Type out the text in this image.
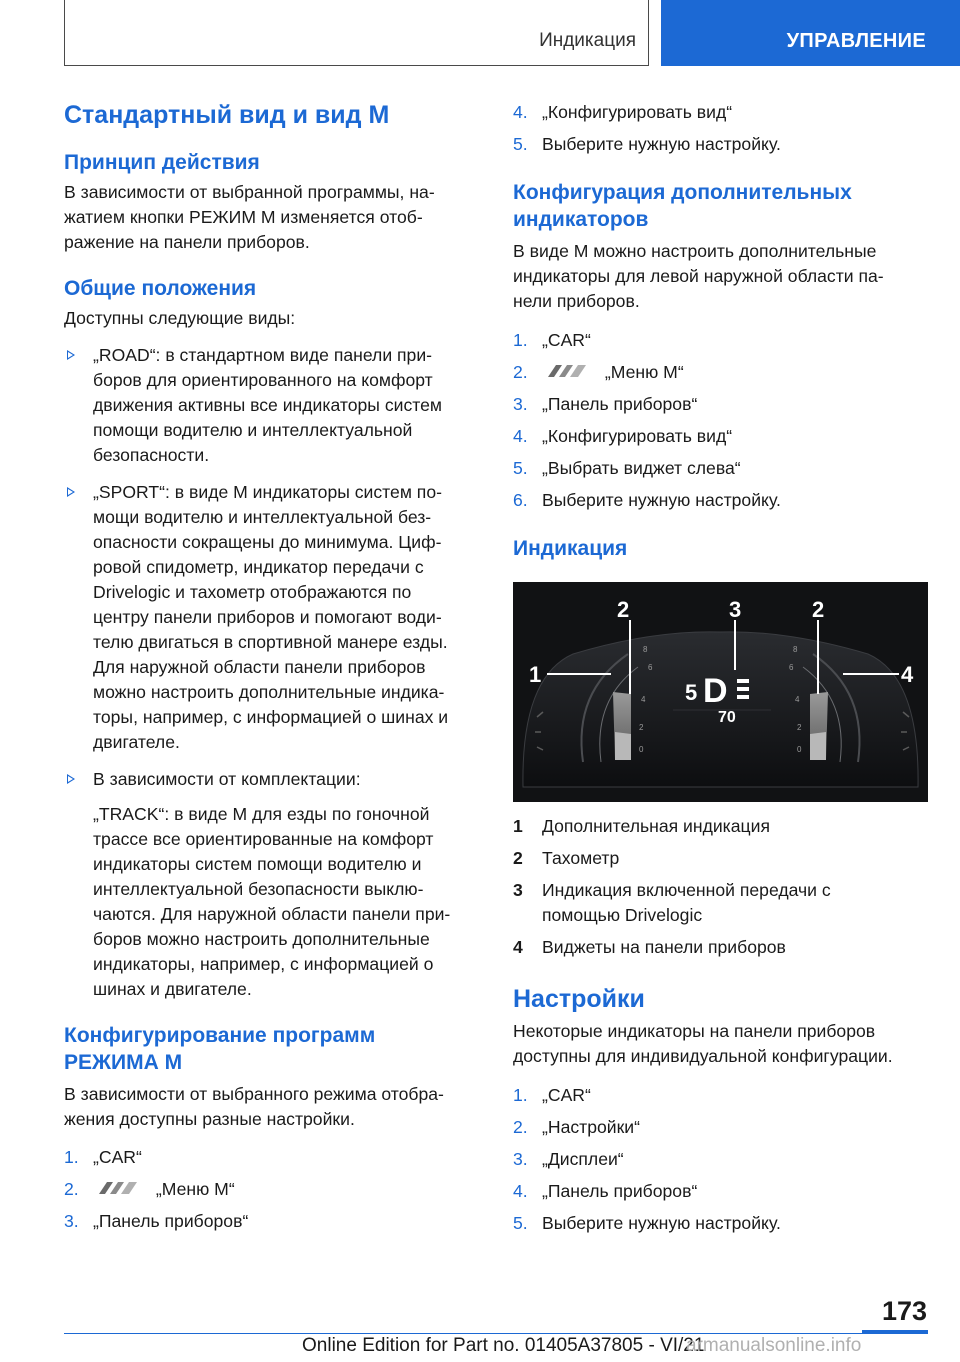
Индикация	УПРАВЛЕНИЕ
Стандартный вид и вид M
Принцип действия
В зависимости от выбранной программы, на-
жатием кнопки РЕЖИМ M изменяется отоб-
ражение на панели приборов.
Общие положения
Доступны следующие виды:
„ROAD“: в стандартном виде панели при-
боров для ориентированного на комфорт
движения активны все индикаторы систем
помощи водителю и интеллектуальной
безопасности.
„SPORT“: в виде M индикаторы систем по-
мощи водителю и интеллектуальной без-
опасности сокращены до минимума. Циф-
ровой спидометр, индикатор передачи с
Drivelogic и тахометр отображаются по
центру панели приборов и помогают води-
телю двигаться в спортивной манере езды.
Для наружной области панели приборов
можно настроить дополнительные индика-
торы, например, с информацией о шинах и
двигателе.
В зависимости от комплектации:
„TRACK“: в виде M для езды по гоночной
трассе все ориентированные на комфорт
индикаторы систем помощи водителю и
интеллектуальной безопасности выклю-
чаются. Для наружной области панели при-
боров можно настроить дополнительные
индикаторы, например, с информацией о
шинах и двигателе.
Конфигурирование программ
РЕЖИМА M
В зависимости от выбранного режима отобра-
жения доступны разные настройки.
1. „CAR“
2.	„Меню M“
3. „Панель приборов“
4. „Конфигурировать вид“
5. Выберите нужную настройку.
Конфигурация дополнительных
индикаторов
В виде M можно настроить дополнительные
индикаторы для левой наружной области па-
нели приборов.
1. „CAR“
2.	„Меню M“
3. „Панель приборов“
4. „Конфигурировать вид“
5. „Выбрать виджет слева“
6. Выберите нужную настройку.
Индикация
8
6
4
2
0
8
6
4
2
0
1
2	3	2
4
5 D
70
1 Дополнительная индикация
2 Тахометр
3 Индикация включенной передачи с
помощью Drivelogic
4 Виджеты на панели приборов
Настройки
Некоторые индикаторы на панели приборов
доступны для индивидуальной конфигурации.
1. „CAR“
2. „Настройки“
3. „Дисплеи“
4. „Панель приборов“
5. Выберите нужную настройку.
173
Online Edition for Part no. 01405A37805 - VI/21
armanualsonline.info
